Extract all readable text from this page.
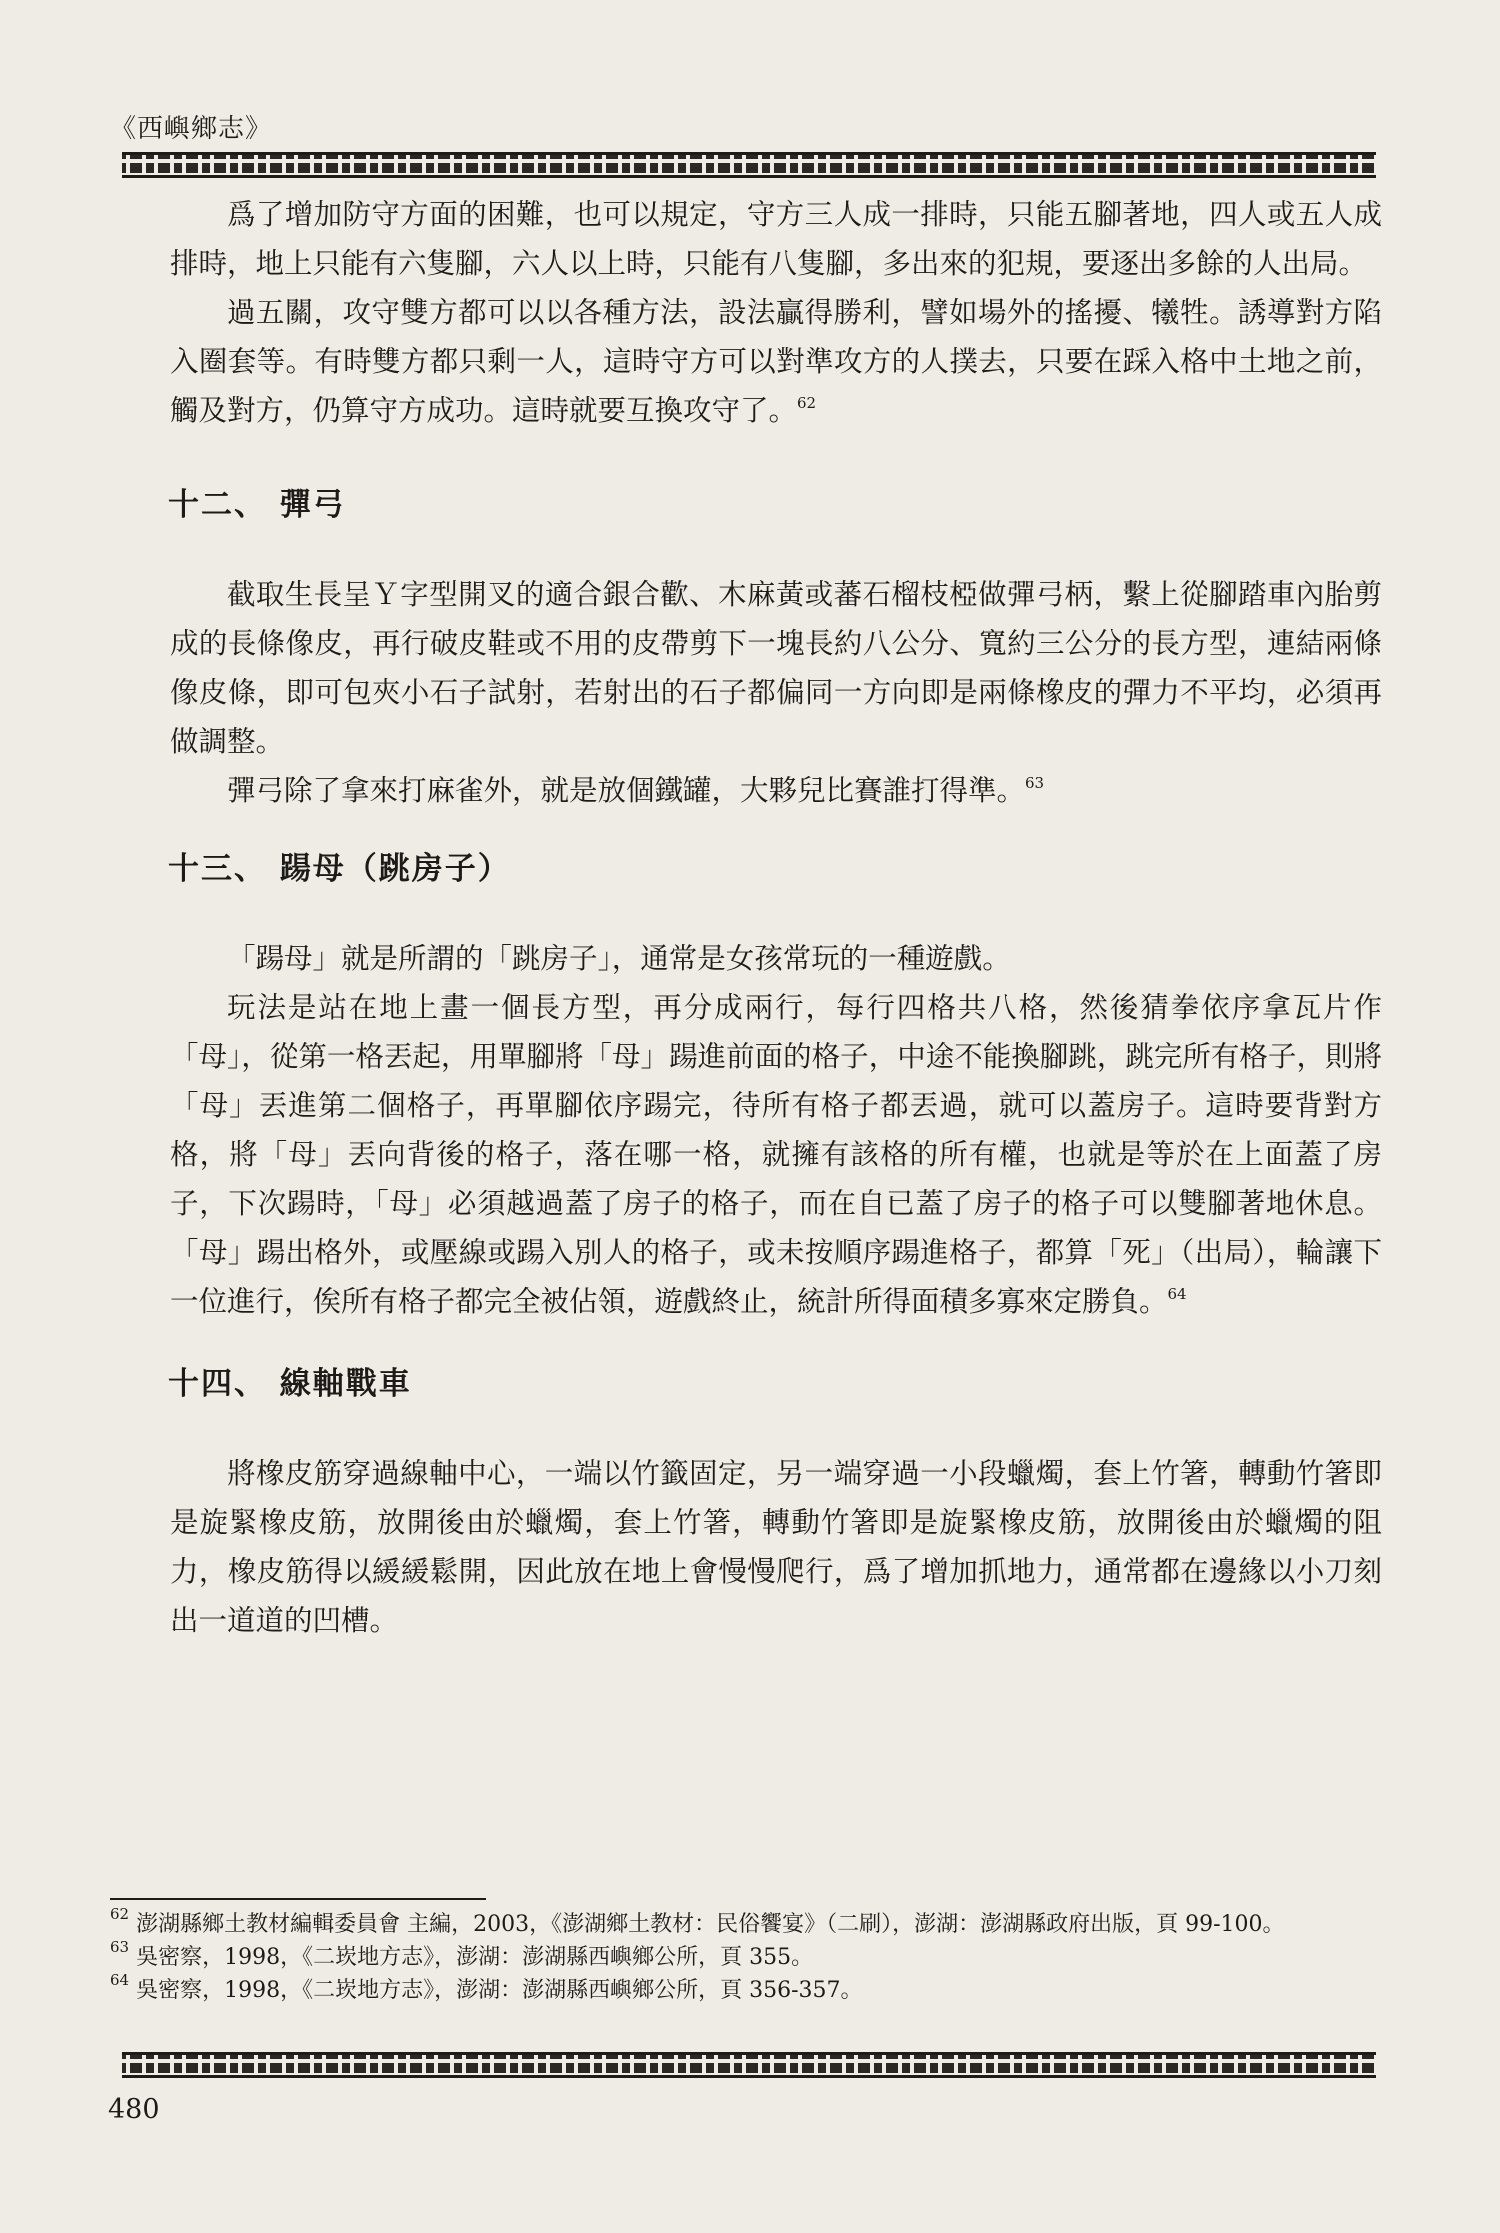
《西嶼鄉志》

爲了增加防守方面的困難，也可以規定，守方三人成一排時，只能五腳著地，四人或五人成排時，地上只能有六隻腳，六人以上時，只能有八隻腳，多出來的犯規，要逐出多餘的人出局。

過五關，攻守雙方都可以以各種方法，設法贏得勝利，譬如場外的搖擾、犧牲。誘導對方陷入圈套等。有時雙方都只剩一人，這時守方可以對準攻方的人撲去，只要在踩入格中土地之前，觸及對方，仍算守方成功。這時就要互換攻守了。$^{62}$

十二、 彈弓

截取生長呈Ｙ字型開叉的適合銀合歡、木麻黃或蕃石榴枝椏做彈弓柄，繫上從腳踏車內胎剪成的長條像皮，再行破皮鞋或不用的皮帶剪下一塊長約八公分、寬約三公分的長方型，連結兩條像皮條，即可包夾小石子試射，若射出的石子都偏同一方向即是兩條橡皮的彈力不平均，必須再做調整。

彈弓除了拿來打麻雀外，就是放個鐵罐，大夥兒比賽誰打得準。$^{63}$

十三、 踼母（跳房子）

「踼母」就是所謂的「跳房子」，通常是女孩常玩的一種遊戲。

玩法是站在地上畫一個長方型，再分成兩行，每行四格共八格，然後猜拳依序拿瓦片作「母」，從第一格丟起，用單腳將「母」踼進前面的格子，中途不能換腳跳，跳完所有格子，則將「母」丟進第二個格子，再單腳依序踼完，待所有格子都丟過，就可以蓋房子。這時要背對方格，將「母」丟向背後的格子，落在哪一格，就擁有該格的所有權，也就是等於在上面蓋了房子，下次踼時，「母」必須越過蓋了房子的格子，而在自已蓋了房子的格子可以雙腳著地休息。「母」踼出格外，或壓線或踼入別人的格子，或未按順序踼進格子，都算「死」（出局），輪讓下一位進行，俟所有格子都完全被佔領，遊戲終止，統計所得面積多寡來定勝負。$^{64}$

十四、 線軸戰車

將橡皮筋穿過線軸中心，一端以竹籤固定，另一端穿過一小段蠟燭，套上竹箸，轉動竹箸即是旋緊橡皮筋，放開後由於蠟燭，套上竹箸，轉動竹箸即是旋緊橡皮筋，放開後由於蠟燭的阻力，橡皮筋得以緩緩鬆開，因此放在地上會慢慢爬行，爲了增加抓地力，通常都在邊緣以小刀刻出一道道的凹槽。

$^{62}$ 澎湖縣鄉土教材編輯委員會 主編，2003，《澎湖鄉土教材：民俗饗宴》（二刷），澎湖：澎湖縣政府出版，頁 99-100。

$^{63}$ 吳密察，1998，《二崁地方志》，澎湖：澎湖縣西嶼鄉公所，頁 355。

$^{64}$ 吳密察，1998，《二崁地方志》，澎湖：澎湖縣西嶼鄉公所，頁 356-357。

480
